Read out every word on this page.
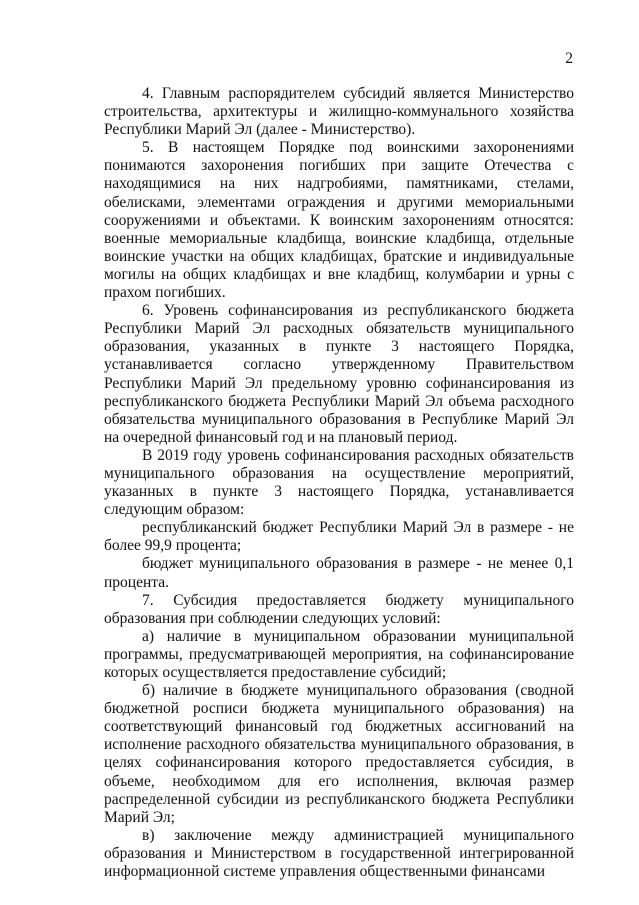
2

4. Главным распорядителем субсидий является Министерство строительства, архитектуры и жилищно-коммунального хозяйства Республики Марий Эл (далее - Министерство).

5. В настоящем Порядке под воинскими захоронениями понимаются захоронения погибших при защите Отечества с находящимися на них надгробиями, памятниками, стелами, обелисками, элементами ограждения и другими мемориальными сооружениями и объектами. К воинским захоронениям относятся: военные мемориальные кладбища, воинские кладбища, отдельные воинские участки на общих кладбищах, братские и индивидуальные могилы на общих кладбищах и вне кладбищ, колумбарии и урны с прахом погибших.

6. Уровень софинансирования из республиканского бюджета Республики Марий Эл расходных обязательств муниципального образования, указанных в пункте 3 настоящего Порядка, устанавливается согласно утвержденному Правительством Республики Марий Эл предельному уровню софинансирования из республиканского бюджета Республики Марий Эл объема расходного обязательства муниципального образования в Республике Марий Эл на очередной финансовый год и на плановый период.

В 2019 году уровень софинансирования расходных обязательств муниципального образования на осуществление мероприятий, указанных в пункте 3 настоящего Порядка, устанавливается следующим образом:

республиканский бюджет Республики Марий Эл в размере - не более 99,9 процента;

бюджет муниципального образования в размере - не менее 0,1 процента.

7. Субсидия предоставляется бюджету муниципального образования при соблюдении следующих условий:

а) наличие в муниципальном образовании муниципальной программы, предусматривающей мероприятия, на софинансирование которых осуществляется предоставление субсидий;

б) наличие в бюджете муниципального образования (сводной бюджетной росписи бюджета муниципального образования) на соответствующий финансовый год бюджетных ассигнований на исполнение расходного обязательства муниципального образования, в целях софинансирования которого предоставляется субсидия, в объеме, необходимом для его исполнения, включая размер распределенной субсидии из республиканского бюджета Республики Марий Эл;

в) заключение между администрацией муниципального образования и Министерством в государственной интегрированной информационной системе управления общественными финансами
